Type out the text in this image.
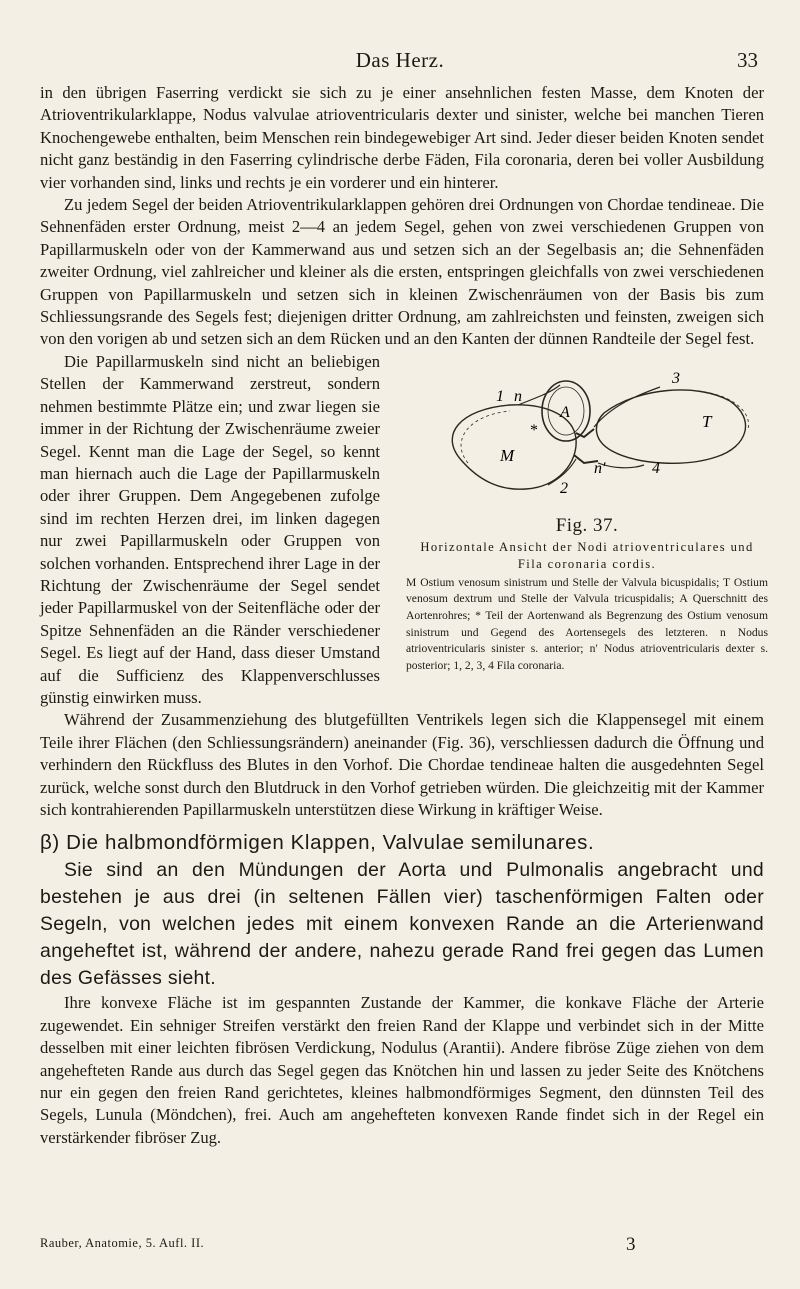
Das Herz.	33

in den übrigen Faserring verdickt sie sich zu je einer ansehnlichen festen Masse, dem Knoten der Atrioventrikularklappe, Nodus valvulae atrioventricularis dexter und sinister, welche bei manchen Tieren Knochengewebe enthalten, beim Menschen rein bindegewebiger Art sind. Jeder dieser beiden Knoten sendet nicht ganz beständig in den Faserring cylindrische derbe Fäden, Fila coronaria, deren bei voller Ausbildung vier vorhanden sind, links und rechts je ein vorderer und ein hinterer.

Zu jedem Segel der beiden Atrioventrikularklappen gehören drei Ordnungen von Chordae tendineae. Die Sehnenfäden erster Ordnung, meist 2—4 an jedem Segel, gehen von zwei verschiedenen Gruppen von Papillarmuskeln oder von der Kammerwand aus und setzen sich an der Segelbasis an; die Sehnenfäden zweiter Ordnung, viel zahlreicher und kleiner als die ersten, entspringen gleichfalls von zwei verschiedenen Gruppen von Papillarmuskeln und setzen sich in kleinen Zwischenräumen von der Basis bis zum Schliessungsrande des Segels fest; diejenigen dritter Ordnung, am zahlreichsten und feinsten, zweigen sich von den vorigen ab und setzen sich an dem Rücken und an den Kanten der dünnen Randteile der Segel fest.

1 n
A
3
*	T
M
n′
2
4
Fig. 37.
Horizontale Ansicht der Nodi atrioventriculares und Fila coronaria cordis.
M Ostium venosum sinistrum und Stelle der Valvula bicuspidalis; T Ostium venosum dextrum und Stelle der Valvula tricuspidalis; A Querschnitt des Aortenrohres; * Teil der Aortenwand als Begrenzung des Ostium venosum sinistrum und Gegend des Aortensegels des letzteren. n Nodus atrioventricularis sinister s. anterior; n′ Nodus atrioventricularis dexter s. posterior; 1, 2, 3, 4 Fila coronaria.

Die Papillarmuskeln sind nicht an beliebigen Stellen der Kammerwand zerstreut, sondern nehmen bestimmte Plätze ein; und zwar liegen sie immer in der Richtung der Zwischenräume zweier Segel. Kennt man die Lage der Segel, so kennt man hiernach auch die Lage der Papillarmuskeln oder ihrer Gruppen. Dem Angegebenen zufolge sind im rechten Herzen drei, im linken dagegen nur zwei Papillarmuskeln oder Gruppen von solchen vorhanden. Entsprechend ihrer Lage in der Richtung der Zwischenräume der Segel sendet jeder Papillarmuskel von der Seitenfläche oder der Spitze Sehnenfäden an die Ränder verschiedener Segel. Es liegt auf der Hand, dass dieser Umstand auf die Sufficienz des Klappenverschlusses günstig einwirken muss.

Während der Zusammenziehung des blutgefüllten Ventrikels legen sich die Klappensegel mit einem Teile ihrer Flächen (den Schliessungsrändern) aneinander (Fig. 36), verschliessen dadurch die Öffnung und verhindern den Rückfluss des Blutes in den Vorhof. Die Chordae tendineae halten die ausgedehnten Segel zurück, welche sonst durch den Blutdruck in den Vorhof getrieben würden. Die gleichzeitig mit der Kammer sich kontrahierenden Papillarmuskeln unterstützen diese Wirkung in kräftiger Weise.

β) Die halbmondförmigen Klappen, Valvulae semilunares.

Sie sind an den Mündungen der Aorta und Pulmonalis angebracht und bestehen je aus drei (in seltenen Fällen vier) taschenförmigen Falten oder Segeln, von welchen jedes mit einem konvexen Rande an die Arterienwand angeheftet ist, während der andere, nahezu gerade Rand frei gegen das Lumen des Gefässes sieht.

Ihre konvexe Fläche ist im gespannten Zustande der Kammer, die konkave Fläche der Arterie zugewendet. Ein sehniger Streifen verstärkt den freien Rand der Klappe und verbindet sich in der Mitte desselben mit einer leichten fibrösen Verdickung, Nodulus (Arantii). Andere fibröse Züge ziehen von dem angehefteten Rande aus durch das Segel gegen das Knötchen hin und lassen zu jeder Seite des Knötchens nur ein gegen den freien Rand gerichtetes, kleines halbmondförmiges Segment, den dünnsten Teil des Segels, Lunula (Möndchen), frei. Auch am angehefteten konvexen Rande findet sich in der Regel ein verstärkender fibröser Zug.

Rauber, Anatomie, 5. Aufl. II.	3
